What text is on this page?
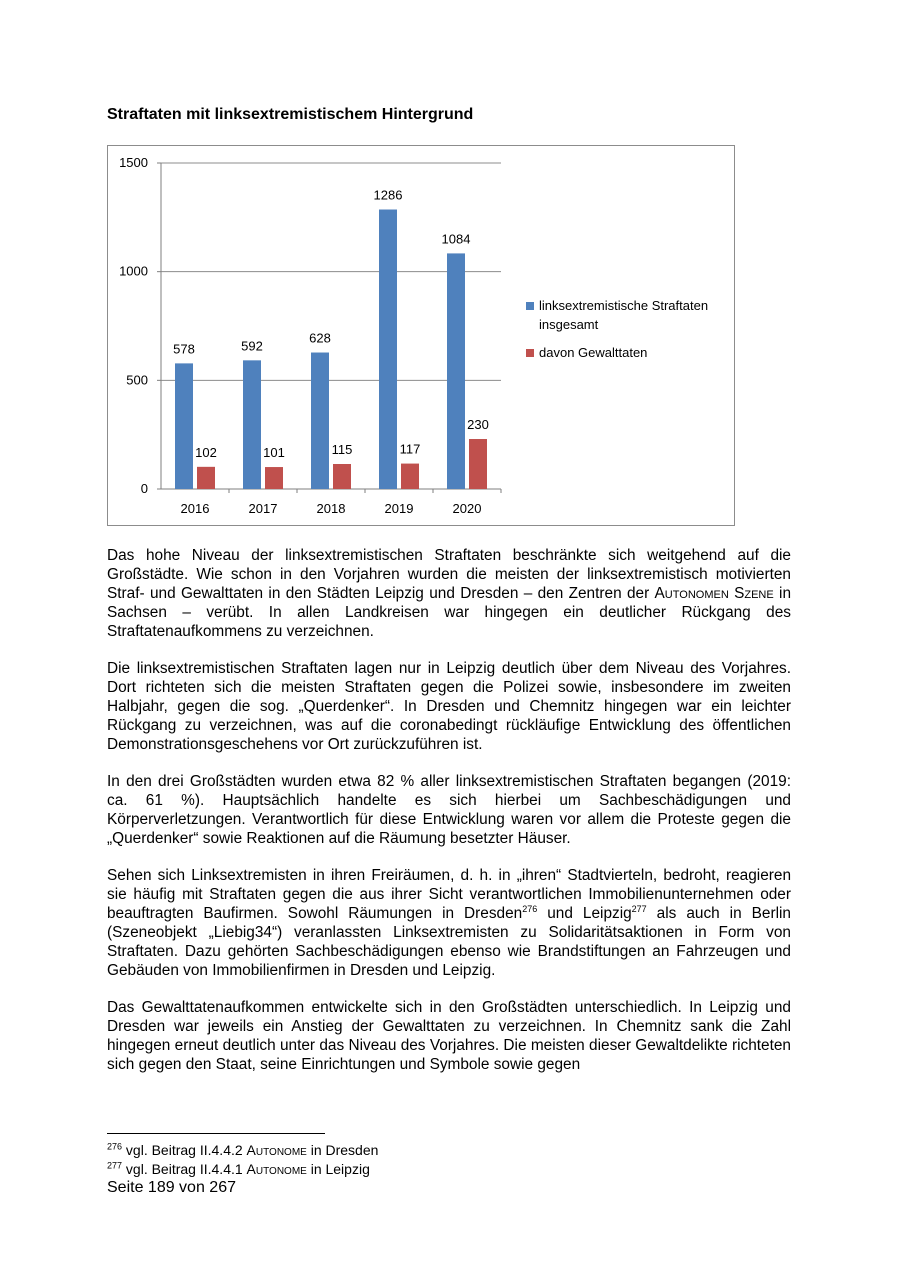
Straftaten mit linksextremistischem Hintergrund
0
500
1000
1500
2016
578
102
2017
592
101
2018
628
115
2019
1286
117
2020
1084
230
linksextremistische Straftaten insgesamt
davon Gewalttaten

Das hohe Niveau der linksextremistischen Straftaten beschränkte sich weitgehend auf die Großstädte. Wie schon in den Vorjahren wurden die meisten der linksextremistisch motivierten Straf- und Gewalttaten in den Städten Leipzig und Dresden – den Zentren der Autonomen Szene in Sachsen – verübt. In allen Landkreisen war hingegen ein deutlicher Rückgang des Straftatenaufkommens zu verzeichnen.

Die linksextremistischen Straftaten lagen nur in Leipzig deutlich über dem Niveau des Vorjahres. Dort richteten sich die meisten Straftaten gegen die Polizei sowie, insbesondere im zweiten Halbjahr, gegen die sog. „Querdenker“. In Dresden und Chemnitz hingegen war ein leichter Rückgang zu verzeichnen, was auf die coronabedingt rückläufige Entwicklung des öffentlichen Demonstrationsgeschehens vor Ort zurückzuführen ist.

In den drei Großstädten wurden etwa 82 % aller linksextremistischen Straftaten begangen (2019: ca. 61 %). Hauptsächlich handelte es sich hierbei um Sachbeschädigungen und Körperverletzungen. Verantwortlich für diese Entwicklung waren vor allem die Proteste gegen die „Querdenker“ sowie Reaktionen auf die Räumung besetzter Häuser.

Sehen sich Linksextremisten in ihren Freiräumen, d. h. in „ihren“ Stadtvierteln, bedroht, reagieren sie häufig mit Straftaten gegen die aus ihrer Sicht verantwortlichen Immobilienunternehmen oder beauftragten Baufirmen. Sowohl Räumungen in Dresden$^{276}$ und Leipzig$^{277}$ als auch in Berlin (Szeneobjekt „Liebig34“) veranlassten Linksextremisten zu Solidaritätsaktionen in Form von Straftaten. Dazu gehörten Sachbeschädigungen ebenso wie Brandstiftungen an Fahrzeugen und Gebäuden von Immobilienfirmen in Dresden und Leipzig.

Das Gewalttatenaufkommen entwickelte sich in den Großstädten unterschiedlich. In Leipzig und Dresden war jeweils ein Anstieg der Gewalttaten zu verzeichnen. In Chemnitz sank die Zahl hingegen erneut deutlich unter das Niveau des Vorjahres. Die meisten dieser Gewaltdelikte richteten sich gegen den Staat, seine Einrichtungen und Symbole sowie gegen

$^{276}$ vgl. Beitrag II.4.4.2 Autonome in Dresden
$^{277}$ vgl. Beitrag II.4.4.1 Autonome in Leipzig
Seite 189 von 267
